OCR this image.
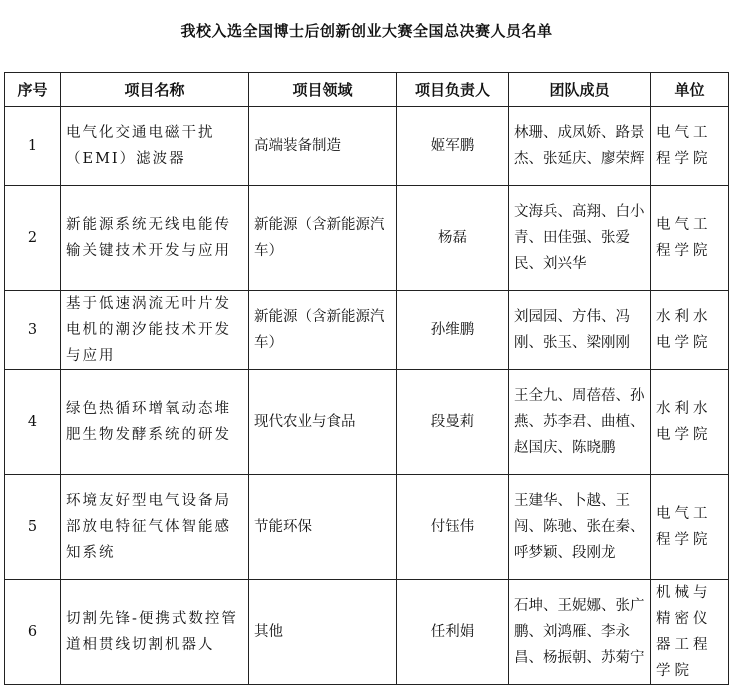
我校入选全国博士后创新创业大赛全国总决赛人员名单
序号	项目名称	项目领域	项目负责人	团队成员	单位
1	电气化交通电磁干扰（EMI）滤波器	高端装备制造	姬军鹏	林珊、成凤娇、路景杰、张延庆、廖荣辉	电气工程学院
2	新能源系统无线电能传输关键技术开发与应用	新能源（含新能源汽车）	杨磊	文海兵、高翔、白小青、田佳强、张爱民、刘兴华	电气工程学院
3	基于低速涡流无叶片发电机的潮汐能技术开发与应用	新能源（含新能源汽车）	孙维鹏	刘园园、方伟、冯刚、张玉、梁刚刚	水利水电学院
4	绿色热循环增氧动态堆肥生物发酵系统的研发	现代农业与食品	段曼莉	王全九、周蓓蓓、孙燕、苏李君、曲植、赵国庆、陈晓鹏	水利水电学院
5	环境友好型电气设备局部放电特征气体智能感知系统	节能环保	付钰伟	王建华、卜越、王闯、陈驰、张在秦、呼梦颖、段刚龙	电气工程学院
6	切割先锋-便携式数控管道相贯线切割机器人	其他	任利娟	石坤、王妮娜、张广鹏、刘鸿雁、李永昌、杨振朝、苏菊宁	机械与精密仪器工程学院
